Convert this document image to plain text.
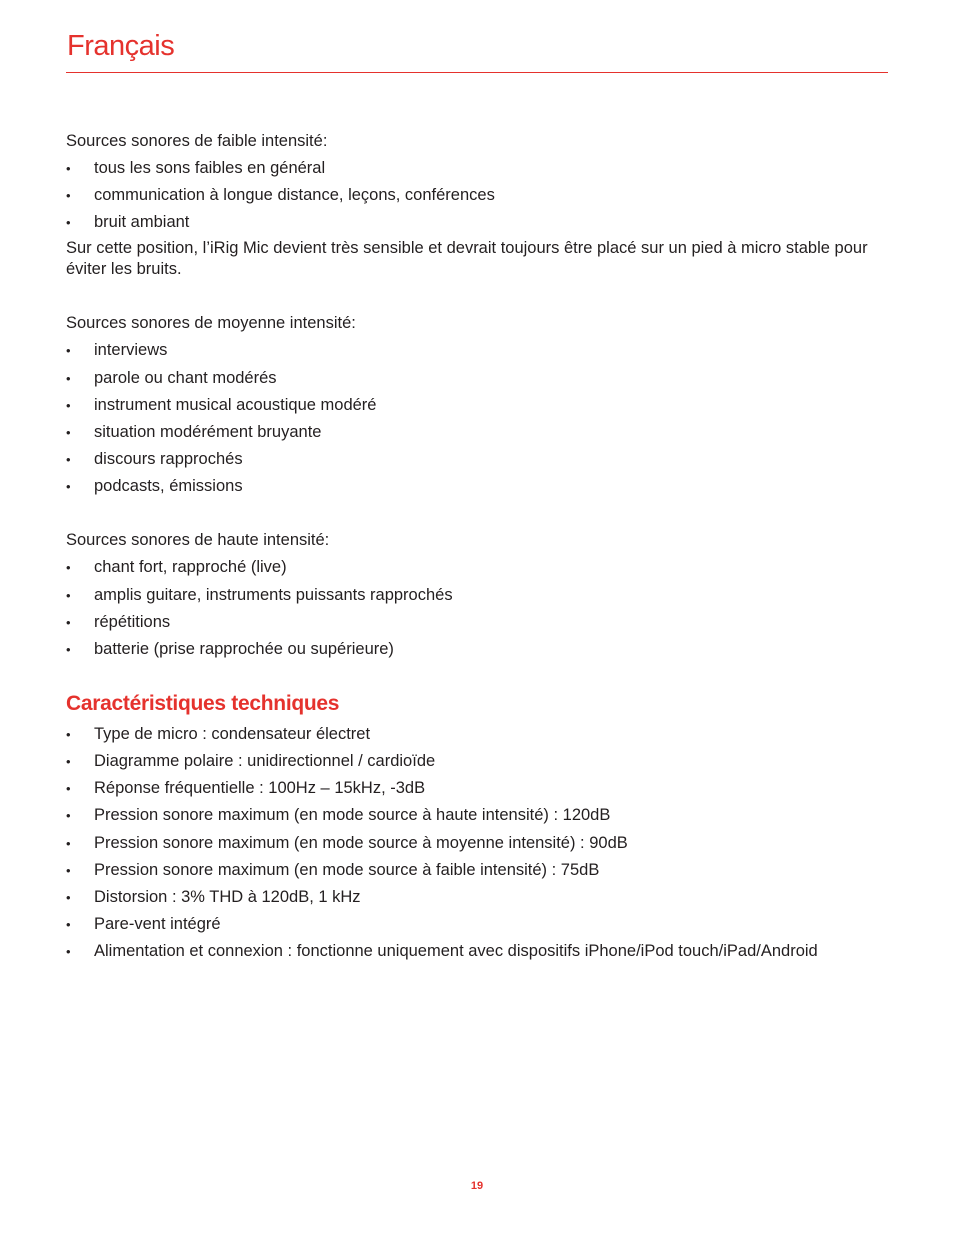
Français

Sources sonores de faible intensité:

•	tous les sons faibles en général
•	communication à longue distance, leçons, conférences
•	bruit ambiant

Sur cette position, l’iRig Mic devient très sensible et devrait toujours être placé sur un pied à micro stable pour éviter les bruits.

Sources sonores de moyenne intensité:

•	interviews
•	parole ou chant modérés
•	instrument musical acoustique modéré
•	situation modérément bruyante
•	discours rapprochés
•	podcasts, émissions

Sources sonores de haute intensité:

•	chant fort, rapproché (live)
•	amplis guitare, instruments puissants rapprochés
•	répétitions
•	batterie (prise rapprochée ou supérieure)
Caractéristiques techniques
•	Type de micro : condensateur électret
•	Diagramme polaire : unidirectionnel / cardioïde
•	Réponse fréquentielle : 100Hz – 15kHz, -3dB
•	Pression sonore maximum (en mode source à haute intensité) : 120dB
•	Pression sonore maximum (en mode source à moyenne intensité) : 90dB
•	Pression sonore maximum (en mode source à faible intensité) : 75dB
•	Distorsion : 3% THD à 120dB, 1 kHz
•	Pare-vent intégré
•	Alimentation et connexion : fonctionne uniquement avec dispositifs iPhone/iPod touch/iPad/Android
19
